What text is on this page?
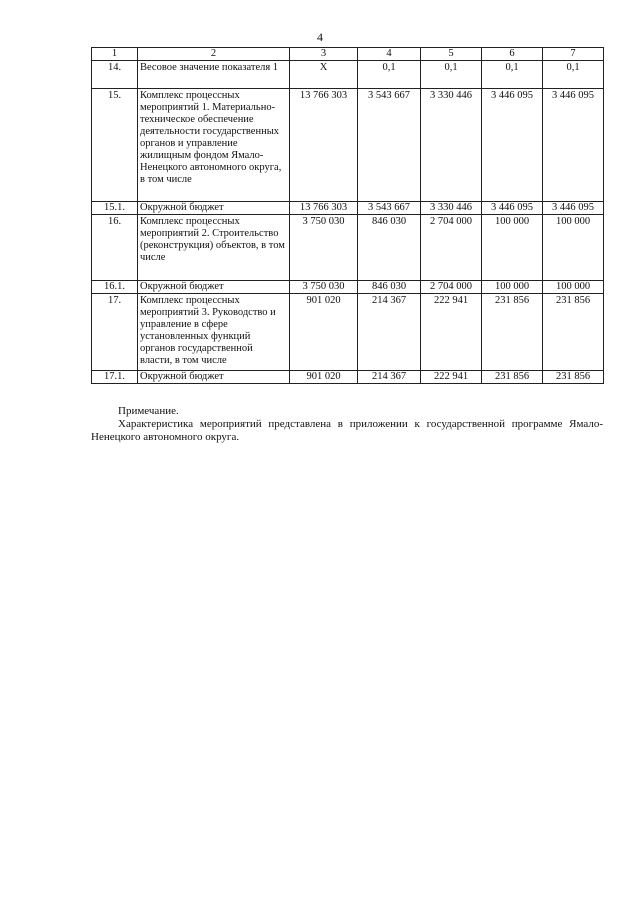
4
1	2	3	4	5	6	7
14.	Весовое значение показателя 1	X	0,1	0,1	0,1	0,1
15.	Комплекс процессных мероприятий 1. Материально-техническое обеспечение деятельности государственных органов и управление жилищным фондом Ямало-Ненецкого автономного округа, в том числе	13 766 303	3 543 667	3 330 446	3 446 095	3 446 095
15.1.	Окружной бюджет	13 766 303	3 543 667	3 330 446	3 446 095	3 446 095
16.	Комплекс процессных мероприятий 2. Строительство (реконструкция) объектов, в том числе	3 750 030	846 030	2 704 000	100 000	100 000
16.1.	Окружной бюджет	3 750 030	846 030	2 704 000	100 000	100 000
17.	Комплекс процессных мероприятий 3. Руководство и управление в сфере установленных функций органов государственной власти, в том числе	901 020	214 367	222 941	231 856	231 856
17.1.	Окружной бюджет	901 020	214 367	222 941	231 856	231 856
Примечание.
Характеристика мероприятий представлена в приложении к государственной программе Ямало-Ненецкого автономного округа.
